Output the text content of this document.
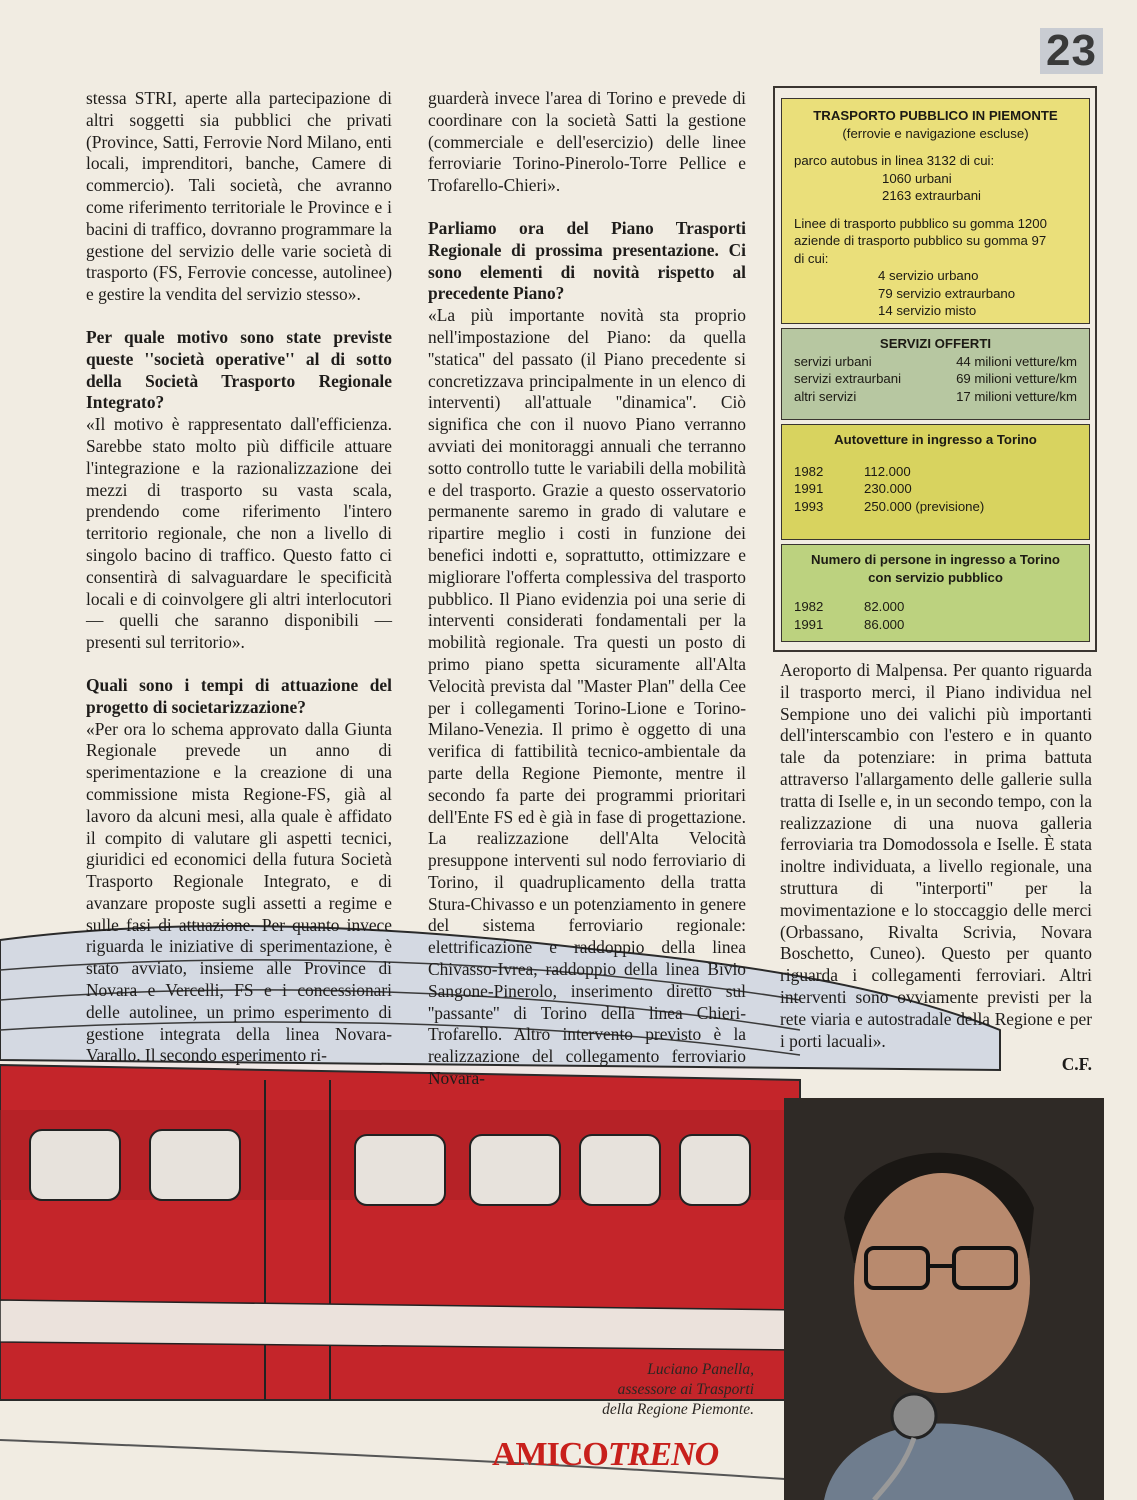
23

stessa STRI, aperte alla partecipazione di altri soggetti sia pubblici che privati (Province, Satti, Ferrovie Nord Milano, enti locali, imprenditori, banche, Camere di commercio). Tali società, che avranno come riferimento territoriale le Province e i bacini di traffico, dovranno programmare la gestione del servizio delle varie società di trasporto (FS, Ferrovie concesse, autolinee) e gestire la vendita del servizio stesso».

Per quale motivo sono state previste queste ''società operative'' al di sotto della Società Trasporto Regionale Integrato?

«Il motivo è rappresentato dall'efficienza. Sarebbe stato molto più difficile attuare l'integrazione e la razionalizzazione dei mezzi di trasporto su vasta scala, prendendo come riferimento l'intero territorio regionale, che non a livello di singolo bacino di traffico. Questo fatto ci consentirà di salvaguardare le specificità locali e di coinvolgere gli altri interlocutori — quelli che saranno disponibili — presenti sul territorio».

Quali sono i tempi di attuazione del progetto di societarizzazione?

«Per ora lo schema approvato dalla Giunta Regionale prevede un anno di sperimentazione e la creazione di una commissione mista Regione-FS, già al lavoro da alcuni mesi, alla quale è affidato il compito di valutare gli aspetti tecnici, giuridici ed economici della futura Società Trasporto Regionale Integrato, e di avanzare proposte sugli assetti a regime e sulle fasi di attuazione. Per quanto invece riguarda le iniziative di sperimentazione, è stato avviato, insieme alle Province di Novara e Vercelli, FS e i concessionari delle autolinee, un primo esperimento di gestione integrata della linea Novara-Varallo. Il secondo esperimento ri-

guarderà invece l'area di Torino e prevede di coordinare con la società Satti la gestione (commerciale e dell'esercizio) delle linee ferroviarie Torino-Pinerolo-Torre Pellice e Trofarello-Chieri».

Parliamo ora del Piano Trasporti Regionale di prossima presentazione. Ci sono elementi di novità rispetto al precedente Piano?

«La più importante novità sta proprio nell'impostazione del Piano: da quella ''statica'' del passato (il Piano precedente si concretizzava principalmente in un elenco di interventi) all'attuale ''dinamica''. Ciò significa che con il nuovo Piano verranno avviati dei monitoraggi annuali che terranno sotto controllo tutte le variabili della mobilità e del trasporto. Grazie a questo osservatorio permanente saremo in grado di valutare e ripartire meglio i costi in funzione dei benefici indotti e, soprattutto, ottimizzare e migliorare l'offerta complessiva del trasporto pubblico. Il Piano evidenzia poi una serie di interventi considerati fondamentali per la mobilità regionale. Tra questi un posto di primo piano spetta sicuramente all'Alta Velocità prevista dal ''Master Plan'' della Cee per i collegamenti Torino-Lione e Torino-Milano-Venezia. Il primo è oggetto di una verifica di fattibilità tecnico-ambientale da parte della Regione Piemonte, mentre il secondo fa parte dei programmi prioritari dell'Ente FS ed è già in fase di progettazione. La realizzazione dell'Alta Velocità presuppone interventi sul nodo ferroviario di Torino, il quadruplicamento della tratta Stura-Chivasso e un potenziamento in genere del sistema ferroviario regionale: elettrificazione e raddoppio della linea Chivasso-Ivrea, raddoppio della linea Bivio Sangone-Pinerolo, inserimento diretto sul ''passante'' di Torino della linea Chieri-Trofarello. Altro intervento previsto è la realizzazione del collegamento ferroviario Novara-

Aeroporto di Malpensa. Per quanto riguarda il trasporto merci, il Piano individua nel Sempione uno dei valichi più importanti dell'interscambio con l'estero e in quanto tale da potenziare: in prima battuta attraverso l'allargamento delle gallerie sulla tratta di Iselle e, in un secondo tempo, con la realizzazione di una nuova galleria ferroviaria tra Domodossola e Iselle. È stata inoltre individuata, a livello regionale, una struttura di ''interporti'' per la movimentazione e lo stoccaggio delle merci (Orbassano, Rivalta Scrivia, Novara Boschetto, Cuneo). Questo per quanto riguarda i collegamenti ferroviari. Altri interventi sono ovviamente previsti per la rete viaria e autostradale della Regione e per i porti lacuali».

C.F.
TRASPORTO PUBBLICO IN PIEMONTE
(ferrovie e navigazione escluse)
parco autobus in linea 3132 di cui:
1060 urbani
2163 extraurbani
Linee di trasporto pubblico su gomma 1200
aziende di trasporto pubblico su gomma 97
di cui:
4 servizio urbano
79 servizio extraurbano
14 servizio misto
SERVIZI OFFERTI
servizi urbani	44 milioni vetture/km
servizi extraurbani	69 milioni vetture/km
altri servizi	17 milioni vetture/km
Autovetture in ingresso a Torino
1982	112.000
1991	230.000
1993	250.000 (previsione)
Numero di persone in ingresso a Torino con servizio pubblico
1982	82.000
1991	86.000
Luciano Panella,
assessore ai Trasporti
della Regione Piemonte.
AMICOTRENO
